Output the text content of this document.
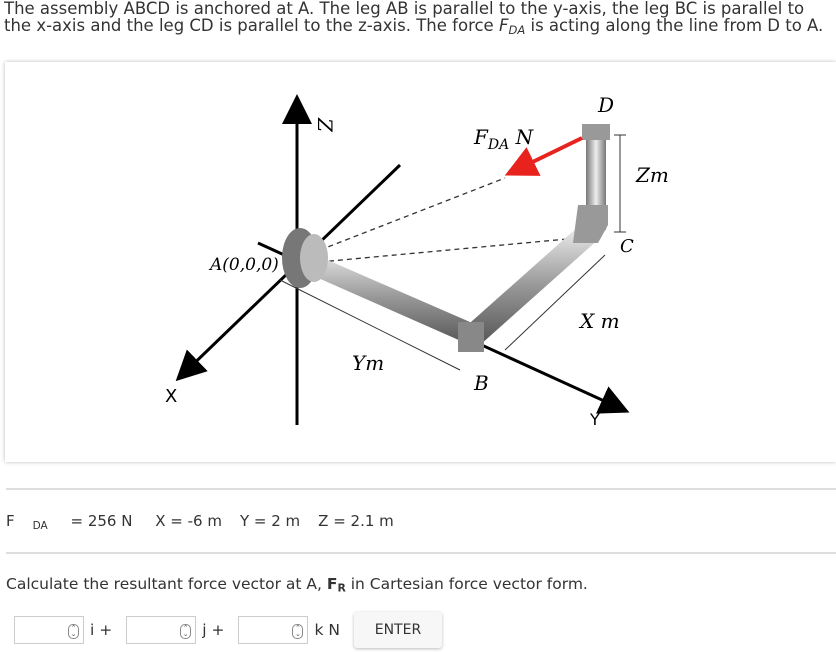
The assembly ABCD is anchored at A. The leg AB is parallel to the y-axis, the leg BC is parallel to the x-axis and the leg CD is parallel to the z-axis. The force $F_{DA}$ is acting along the line from D to A.
Z
X
Y
A(0,0,0)
B
C
D
$F_{DA}$ N
Zm
X m
Ym
F $_{DA}$ = 256 N X = -6 m Y = 2 m Z = 2.1 m
Calculate the resultant force vector at A, $F_R$ in Cartesian force vector form.
⌃
⌄ i +	⌃
⌄ j +	⌃
⌄ k N	ENTER
